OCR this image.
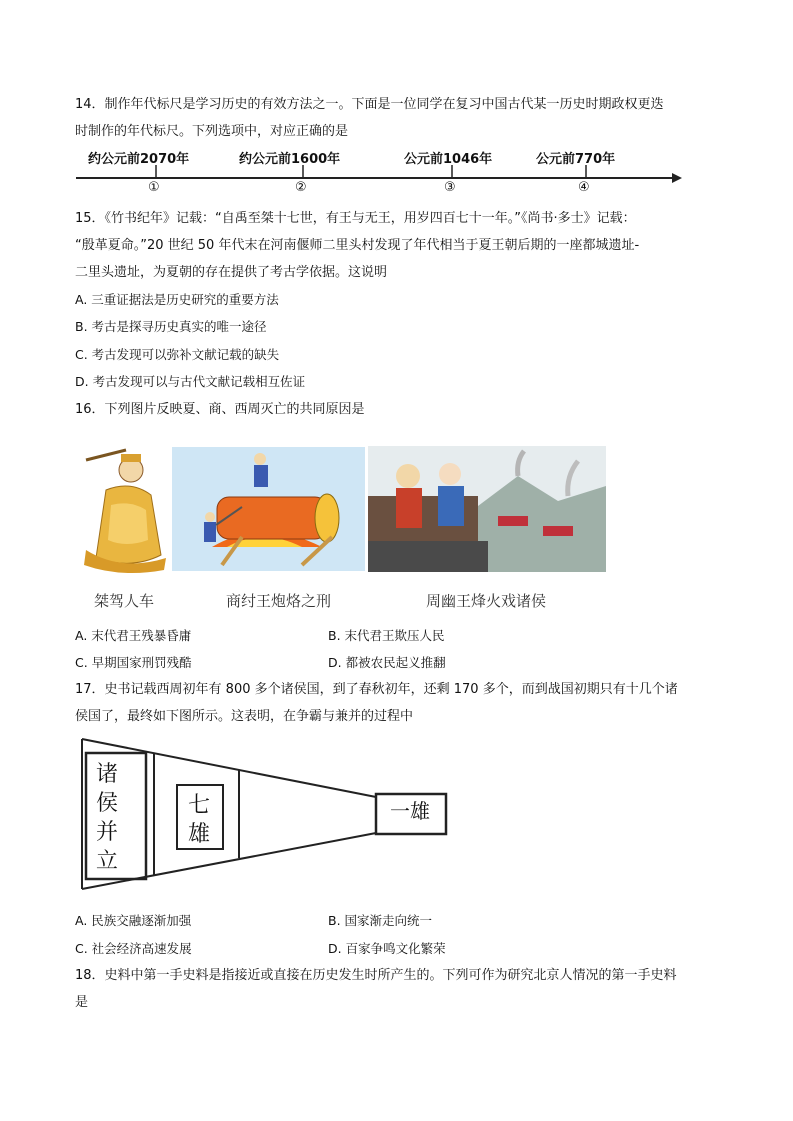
14．制作年代标尺是学习历史的有效方法之一。下面是一位同学在复习中国古代某一历史时期政权更迭
时制作的年代标尺。下列选项中，对应正确的是
约公元前2070年	约公元前1600年	公元前1046年	公元前770年
①	②	③	④
15．《竹书纪年》记载：“自禹至桀十七世，有王与无王，用岁四百七十一年。”《尚书·多士》记载：
“殷革夏命。”20 世纪 50 年代末在河南偃师二里头村发现了年代相当于夏王朝后期的一座都城遗址-
二里头遗址，为夏朝的存在提供了考古学依据。这说明
A. 三重证据法是历史研究的重要方法
B. 考古是探寻历史真实的唯一途径
C. 考古发现可以弥补文献记载的缺失
D. 考古发现可以与古代文献记载相互佐证
16．下列图片反映夏、商、西周灭亡的共同原因是
桀驾人车	商纣王炮烙之刑	周幽王烽火戏诸侯
A. 末代君王残暴昏庸	B. 末代君王欺压人民
C. 早期国家刑罚残酷	D. 都被农民起义推翻
17．史书记载西周初年有 800 多个诸侯国，到了春秋初年，还剩 170 多个，而到战国初期只有十几个诸
侯国了，最终如下图所示。这表明，在争霸与兼并的过程中
诸
侯
并
立
七
雄
一雄
A. 民族交融逐渐加强	B. 国家渐走向统一
C. 社会经济高速发展	D. 百家争鸣文化繁荣
18．史料中第一手史料是指接近或直接在历史发生时所产生的。下列可作为研究北京人情况的第一手史料
是
